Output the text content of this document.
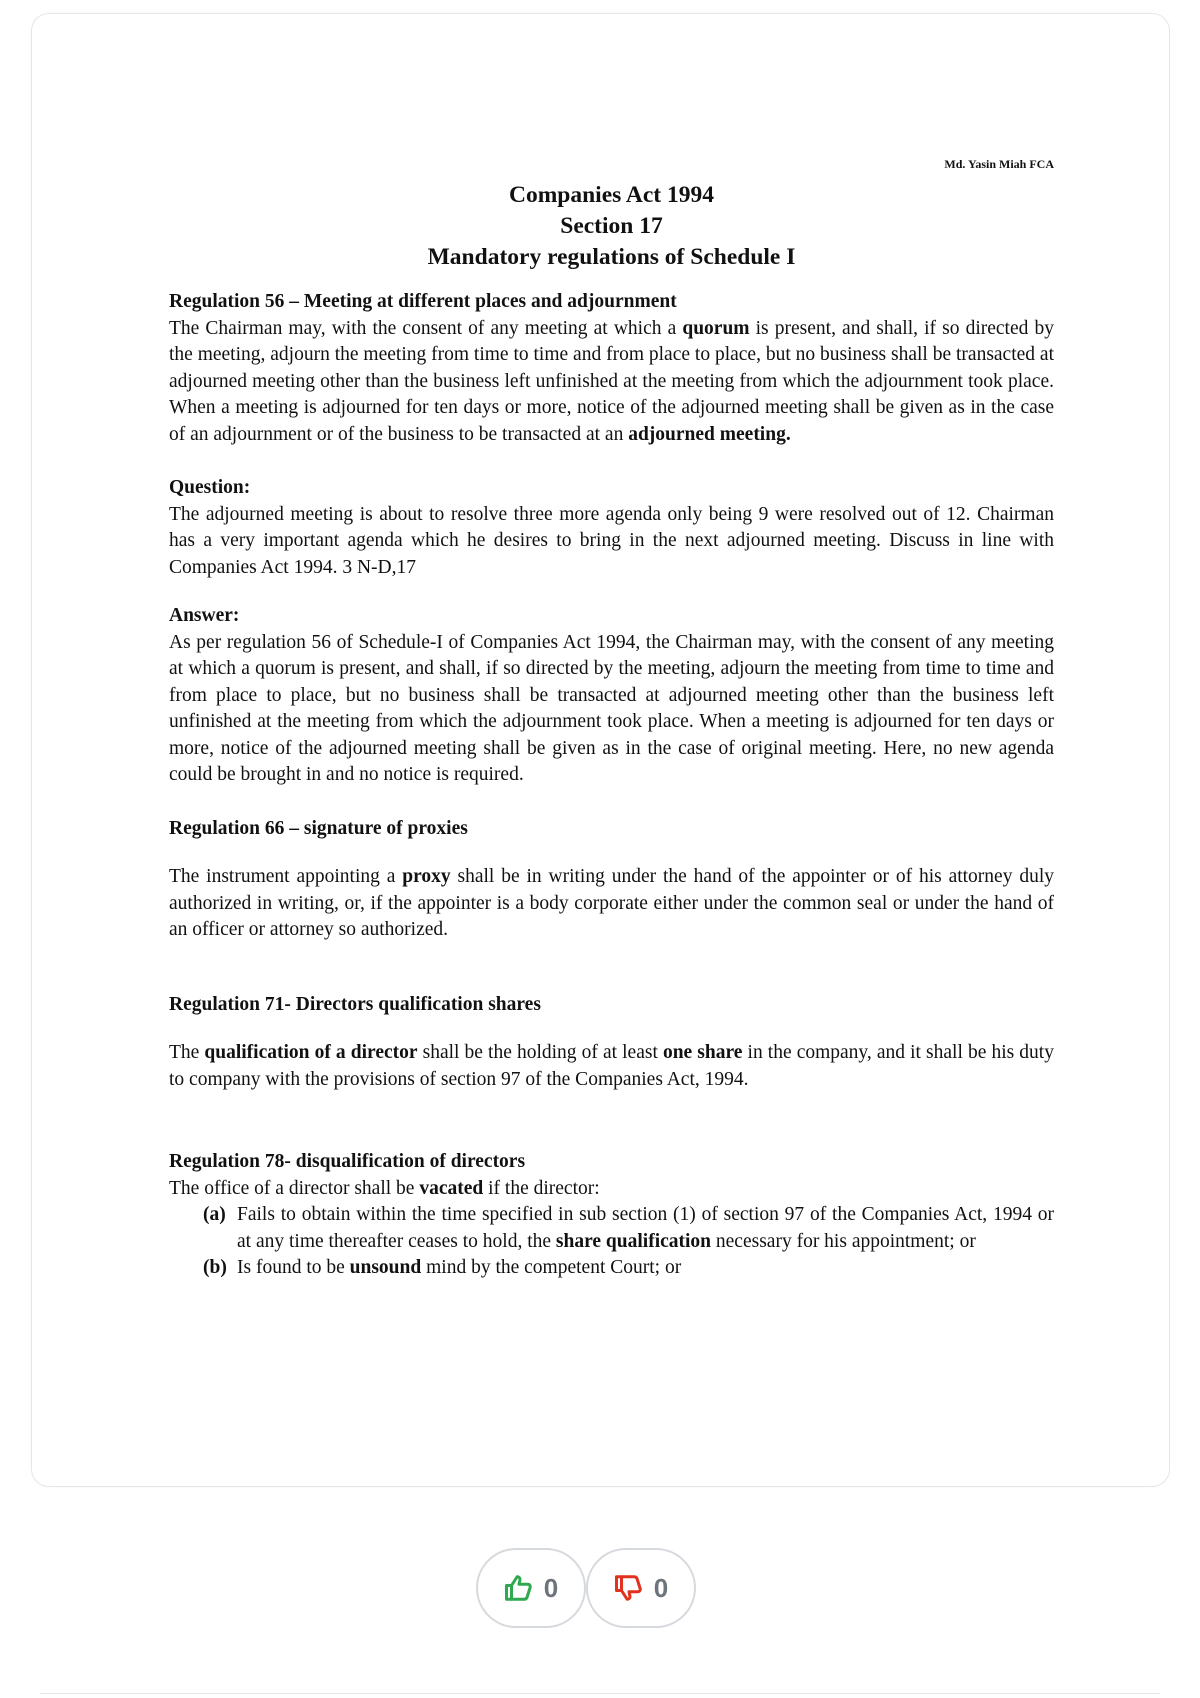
Md. Yasin Miah FCA
Companies Act 1994
Section 17
Mandatory regulations of Schedule I
Regulation 56 – Meeting at different places and adjournment

The Chairman may, with the consent of any meeting at which a quorum is present, and shall, if so directed by the meeting, adjourn the meeting from time to time and from place to place, but no business shall be transacted at adjourned meeting other than the business left unfinished at the meeting from which the adjournment took place. When a meeting is adjourned for ten days or more, notice of the adjourned meeting shall be given as in the case of an adjournment or of the business to be transacted at an adjourned meeting.

Question:

The adjourned meeting is about to resolve three more agenda only being 9 were resolved out of 12. Chairman has a very important agenda which he desires to bring in the next adjourned meeting. Discuss in line with Companies Act 1994. 3 N-D,17

Answer:

As per regulation 56 of Schedule-I of Companies Act 1994, the Chairman may, with the consent of any meeting at which a quorum is present, and shall, if so directed by the meeting, adjourn the meeting from time to time and from place to place, but no business shall be transacted at adjourned meeting other than the business left unfinished at the meeting from which the adjournment took place. When a meeting is adjourned for ten days or more, notice of the adjourned meeting shall be given as in the case of original meeting. Here, no new agenda could be brought in and no notice is required.

Regulation 66 – signature of proxies

The instrument appointing a proxy shall be in writing under the hand of the appointer or of his attorney duly authorized in writing, or, if the appointer is a body corporate either under the common seal or under the hand of an officer or attorney so authorized.

Regulation 71- Directors qualification shares

The qualification of a director shall be the holding of at least one share in the company, and it shall be his duty to company with the provisions of section 97 of the Companies Act, 1994.

Regulation 78- disqualification of directors

The office of a director shall be vacated if the director:

(a) Fails to obtain within the time specified in sub section (1) of section 97 of the Companies Act, 1994 or at any time thereafter ceases to hold, the share qualification necessary for his appointment; or
(b) Is found to be unsound mind by the competent Court; or
0	0
